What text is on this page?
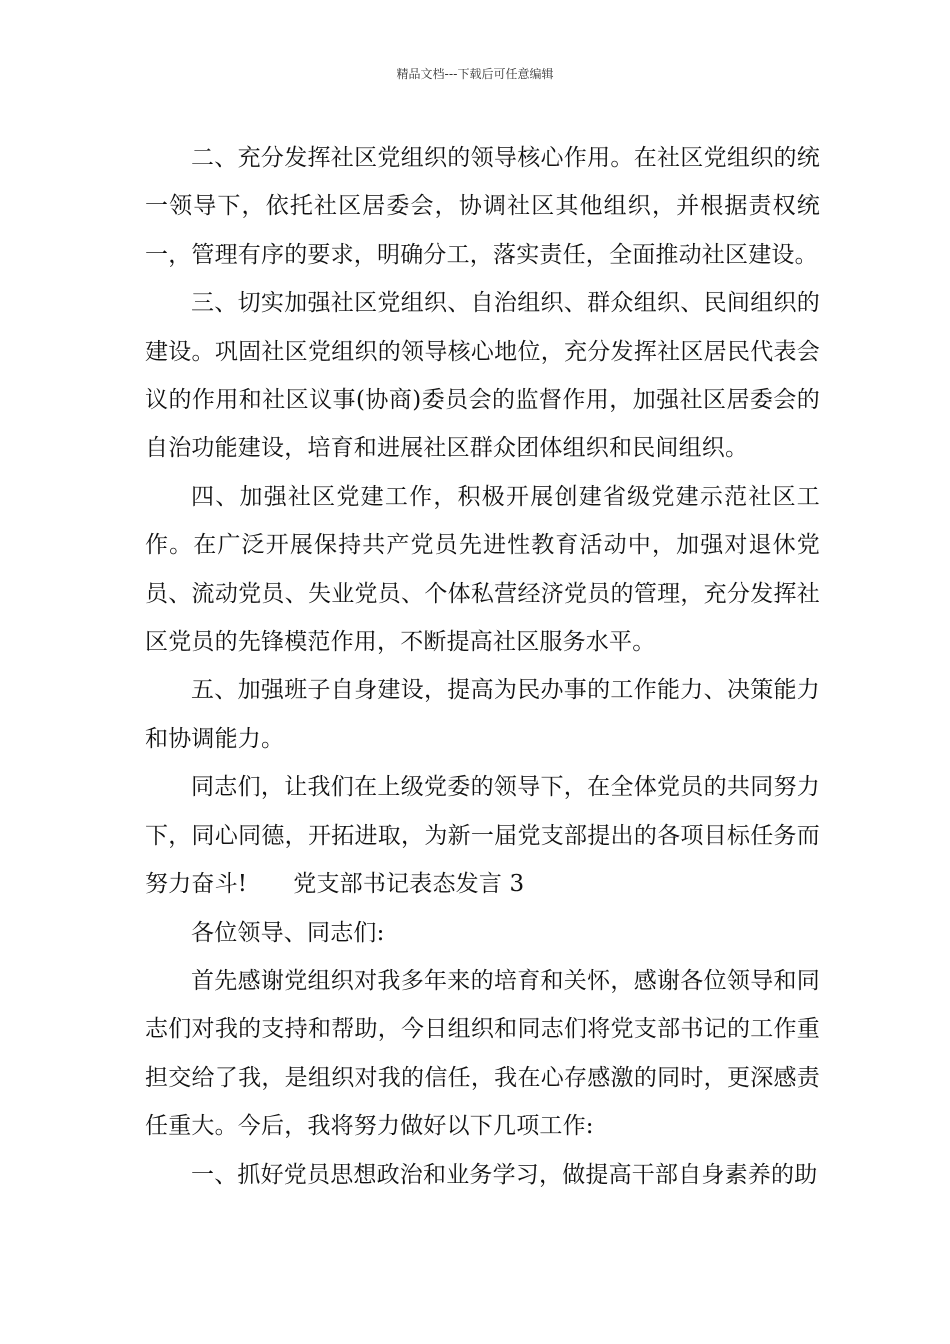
精品文档---下载后可任意编辑

二、充分发挥社区党组织的领导核心作用。在社区党组织的统一领导下，依托社区居委会，协调社区其他组织，并根据责权统一，管理有序的要求，明确分工，落实责任，全面推动社区建设。

三、切实加强社区党组织、自治组织、群众组织、民间组织的建设。巩固社区党组织的领导核心地位，充分发挥社区居民代表会议的作用和社区议事(协商)委员会的监督作用，加强社区居委会的自治功能建设，培育和进展社区群众团体组织和民间组织。

四、加强社区党建工作，积极开展创建省级党建示范社区工作。在广泛开展保持共产党员先进性教育活动中，加强对退休党员、流动党员、失业党员、个体私营经济党员的管理，充分发挥社区党员的先锋模范作用，不断提高社区服务水平。

五、加强班子自身建设，提高为民办事的工作能力、决策能力和协调能力。

同志们，让我们在上级党委的领导下，在全体党员的共同努力下，同心同德，开拓进取，为新一届党支部提出的各项目标任务而努力奋斗! 党支部书记表态发言 3

各位领导、同志们:

首先感谢党组织对我多年来的培育和关怀，感谢各位领导和同志们对我的支持和帮助，今日组织和同志们将党支部书记的工作重担交给了我，是组织对我的信任，我在心存感激的同时，更深感责任重大。今后，我将努力做好以下几项工作:

一、抓好党员思想政治和业务学习，做提高干部自身素养的助
